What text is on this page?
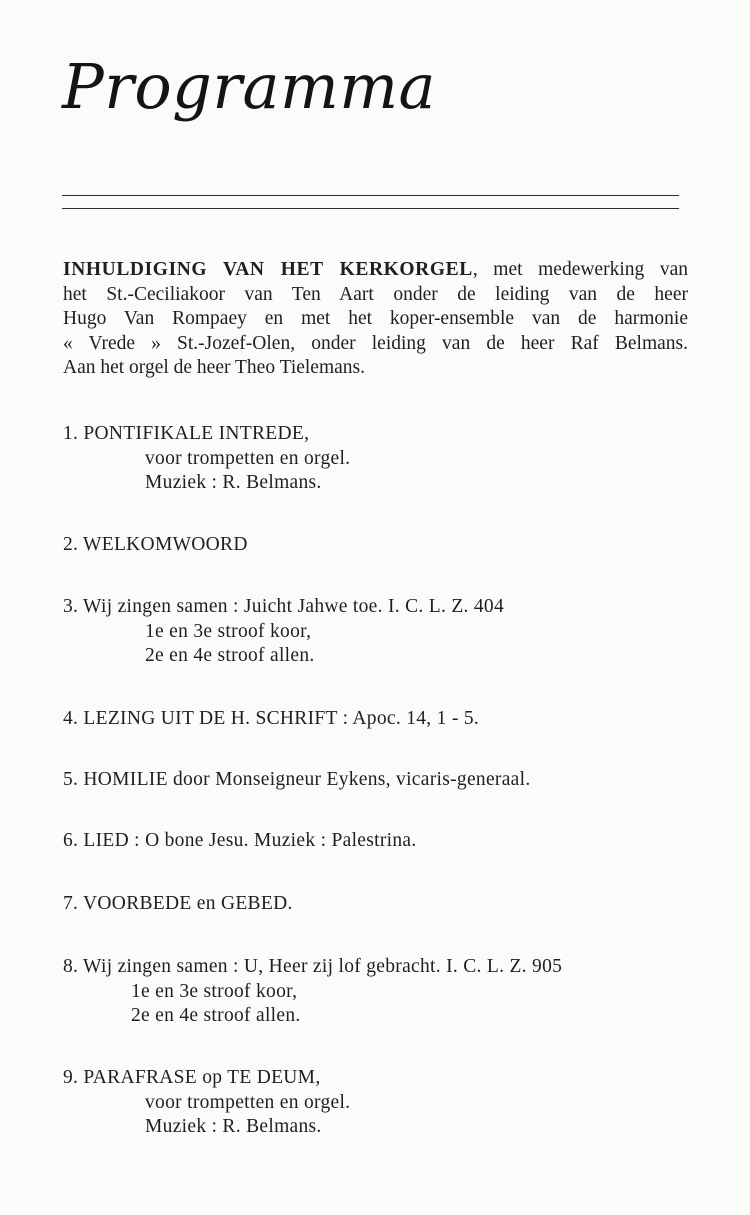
Programma
INHULDIGING VAN HET KERKORGEL, met medewerking van
het St.-Ceciliakoor van Ten Aart onder de leiding van de heer
Hugo Van Rompaey en met het koper-ensemble van de harmonie
« Vrede » St.-Jozef-Olen, onder leiding van de heer Raf Belmans.
Aan het orgel de heer Theo Tielemans.
1. PONTIFIKALE INTREDE,
voor trompetten en orgel.
Muziek : R. Belmans.
2. WELKOMWOORD
3. Wij zingen samen : Juicht Jahwe toe. I. C. L. Z. 404
1e en 3e stroof koor,
2e en 4e stroof allen.
4. LEZING UIT DE H. SCHRIFT : Apoc. 14, 1 - 5.
5. HOMILIE door Monseigneur Eykens, vicaris-generaal.
6. LIED : O bone Jesu. Muziek : Palestrina.
7. VOORBEDE en GEBED.
8. Wij zingen samen : U, Heer zij lof gebracht. I. C. L. Z. 905
1e en 3e stroof koor,
2e en 4e stroof allen.
9. PARAFRASE op TE DEUM,
voor trompetten en orgel.
Muziek : R. Belmans.
